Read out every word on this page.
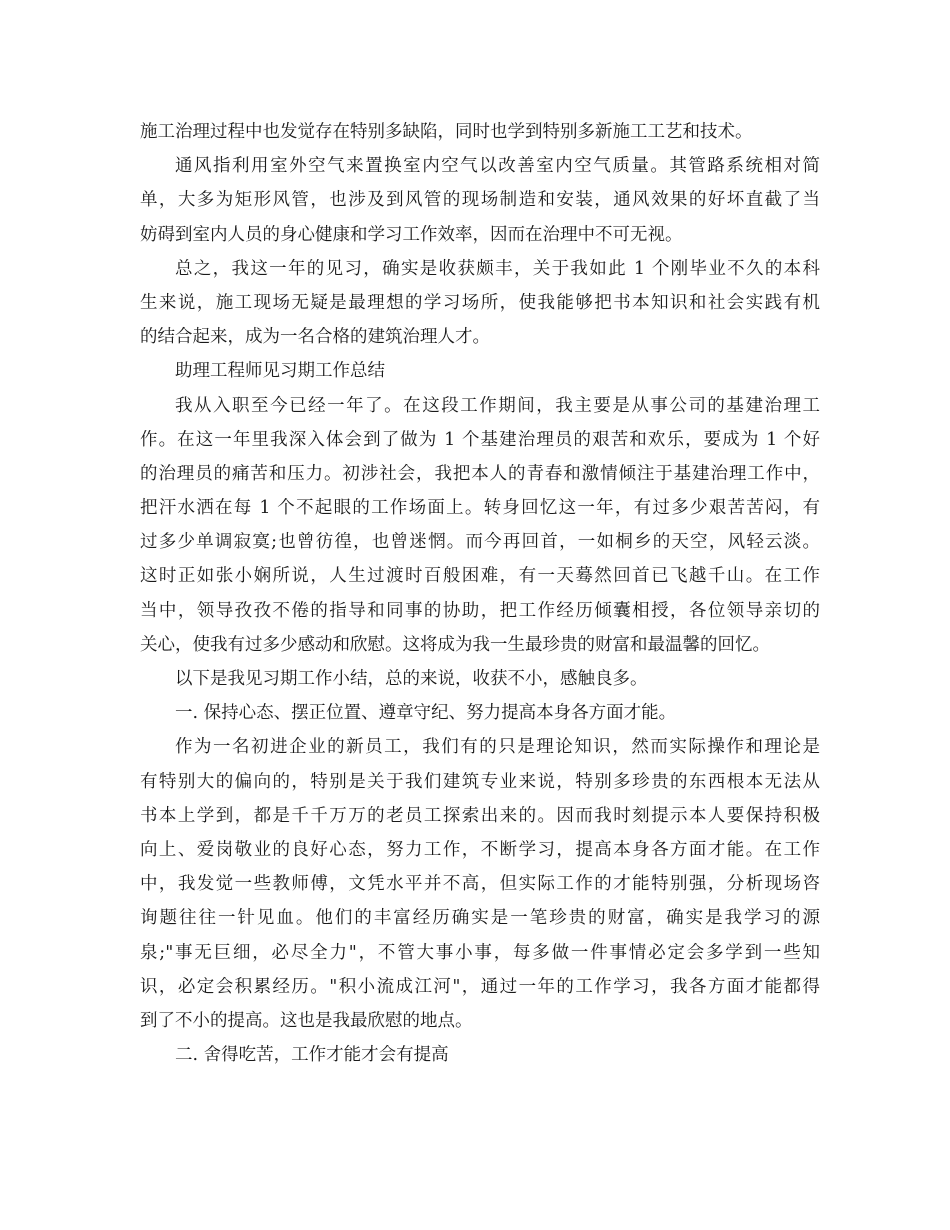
施工治理过程中也发觉存在特别多缺陷，同时也学到特别多新施工工艺和技术。
通风指利用室外空气来置换室内空气以改善室内空气质量。其管路系统相对简
单，大多为矩形风管，也涉及到风管的现场制造和安装，通风效果的好坏直截了当
妨碍到室内人员的身心健康和学习工作效率，因而在治理中不可无视。
总之，我这一年的见习，确实是收获颇丰，关于我如此 1 个刚毕业不久的本科
生来说，施工现场无疑是最理想的学习场所，使我能够把书本知识和社会实践有机
的结合起来，成为一名合格的建筑治理人才。
助理工程师见习期工作总结
我从入职至今已经一年了。在这段工作期间，我主要是从事公司的基建治理工
作。在这一年里我深入体会到了做为 1 个基建治理员的艰苦和欢乐，要成为 1 个好
的治理员的痛苦和压力。初涉社会，我把本人的青春和激情倾注于基建治理工作中，
把汗水洒在每 1 个不起眼的工作场面上。转身回忆这一年，有过多少艰苦苦闷，有
过多少单调寂寞;也曾彷徨，也曾迷惘。而今再回首，一如桐乡的天空，风轻云淡。
这时正如张小娴所说，人生过渡时百般困难，有一天蓦然回首已飞越千山。在工作
当中，领导孜孜不倦的指导和同事的协助，把工作经历倾囊相授，各位领导亲切的
关心，使我有过多少感动和欣慰。这将成为我一生最珍贵的财富和最温馨的回忆。
以下是我见习期工作小结，总的来说，收获不小，感触良多。
一. 保持心态、摆正位置、遵章守纪、努力提高本身各方面才能。
作为一名初进企业的新员工，我们有的只是理论知识，然而实际操作和理论是
有特别大的偏向的，特别是关于我们建筑专业来说，特别多珍贵的东西根本无法从
书本上学到，都是千千万万的老员工探索出来的。因而我时刻提示本人要保持积极
向上、爱岗敬业的良好心态，努力工作，不断学习，提高本身各方面才能。在工作
中，我发觉一些教师傅，文凭水平并不高，但实际工作的才能特别强，分析现场咨
询题往往一针见血。他们的丰富经历确实是一笔珍贵的财富，确实是我学习的源
泉;"事无巨细，必尽全力"，不管大事小事，每多做一件事情必定会多学到一些知
识，必定会积累经历。"积小流成江河"，通过一年的工作学习，我各方面才能都得
到了不小的提高。这也是我最欣慰的地点。
二. 舍得吃苦，工作才能才会有提高
